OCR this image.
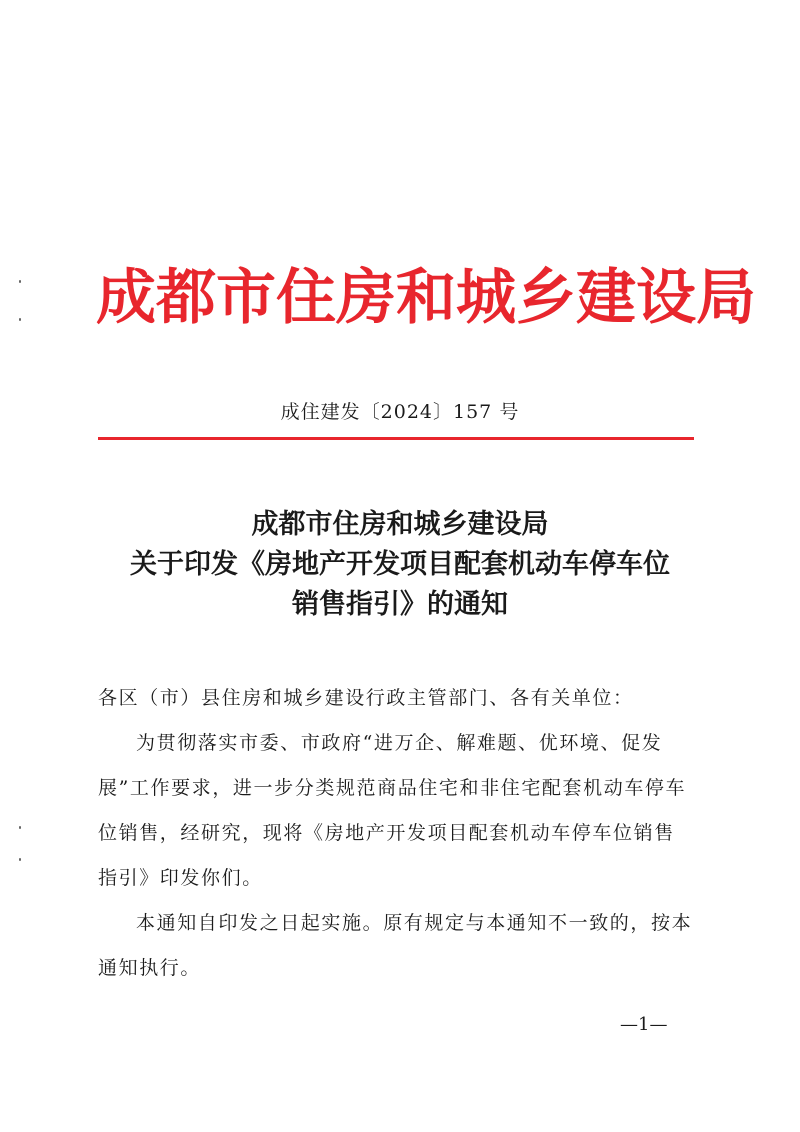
成都市住房和城乡建设局
成住建发〔2024〕157 号
成都市住房和城乡建设局
关于印发《房地产开发项目配套机动车停车位
销售指引》的通知

各区（市）县住房和城乡建设行政主管部门、各有关单位：

为贯彻落实市委、市政府“进万企、解难题、优环境、促发展”工作要求，进一步分类规范商品住宅和非住宅配套机动车停车位销售，经研究，现将《房地产开发项目配套机动车停车位销售指引》印发你们。

本通知自印发之日起实施。原有规定与本通知不一致的，按本通知执行。

—1—
